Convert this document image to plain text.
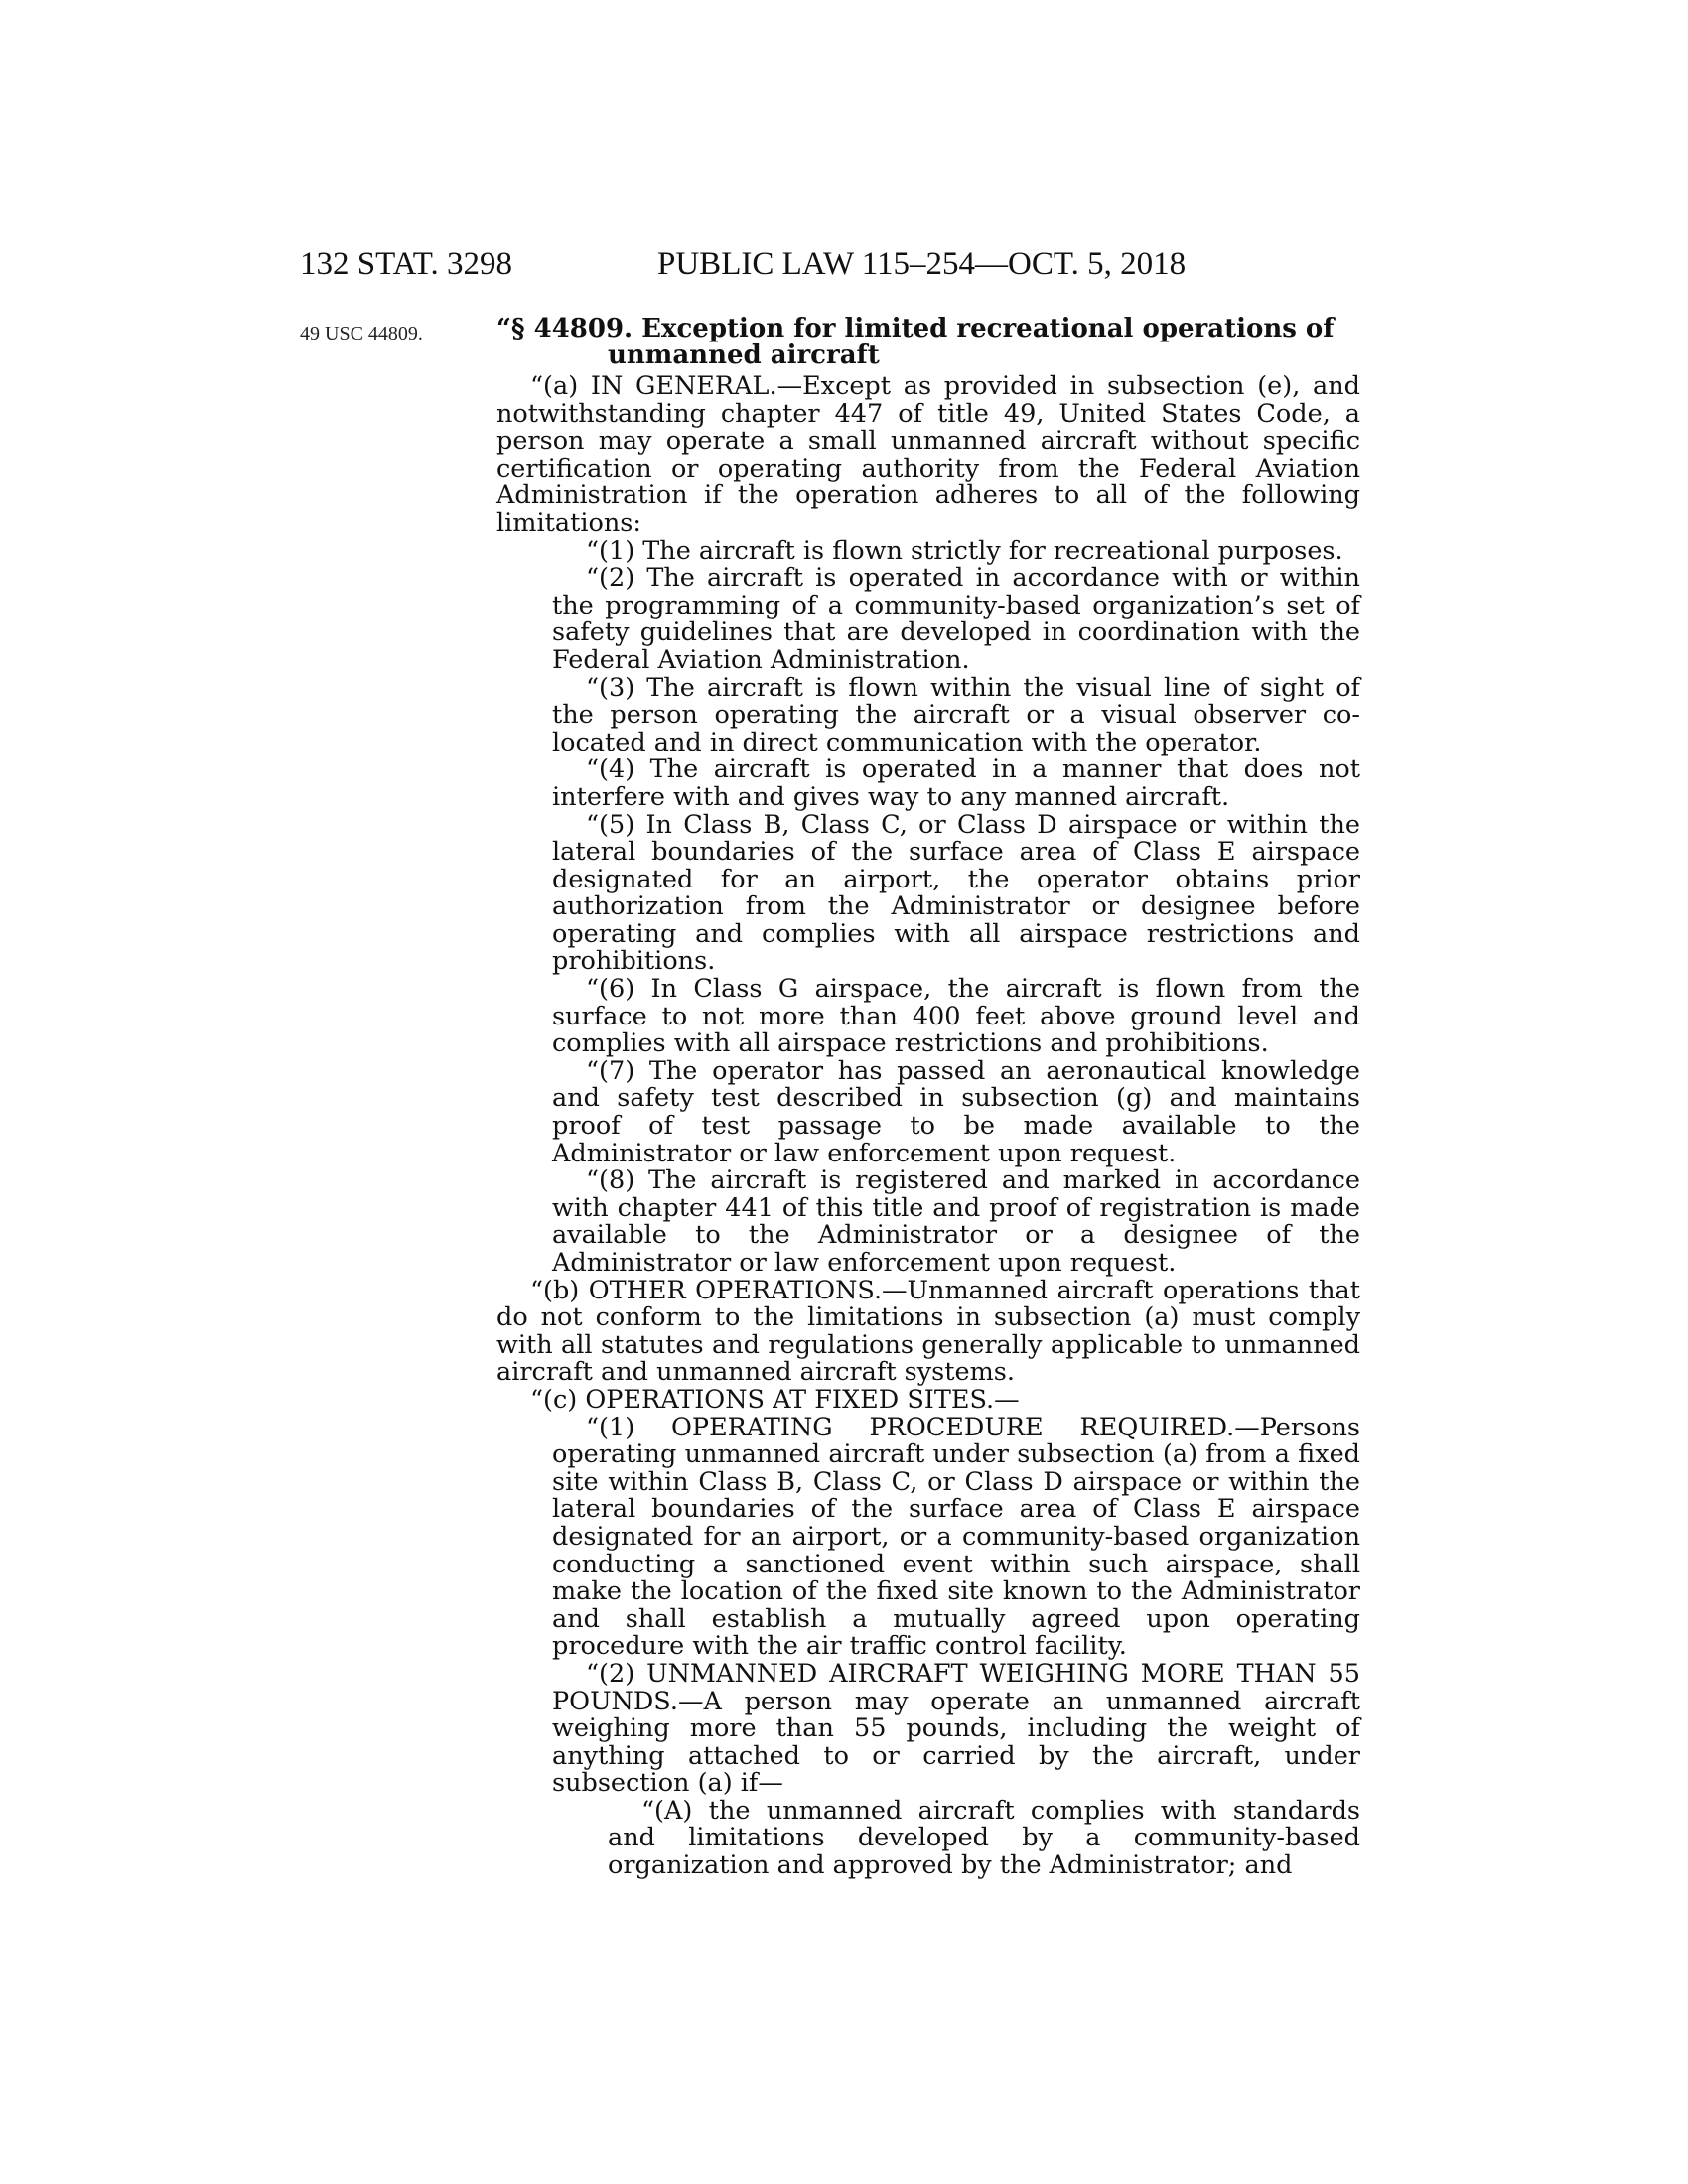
132 STAT. 3298	PUBLIC LAW 115–254—OCT. 5, 2018
49 USC 44809.	“§ 44809. Exception for limited recreational operations of
unmanned aircraft

“(a) IN GENERAL.—Except as provided in subsection (e), and notwithstanding chapter 447 of title 49, United States Code, a person may operate a small unmanned aircraft without specific certification or operating authority from the Federal Aviation Administration if the operation adheres to all of the following limitations:

“(1) The aircraft is flown strictly for recreational purposes.

“(2) The aircraft is operated in accordance with or within the programming of a community-based organization’s set of safety guidelines that are developed in coordination with the Federal Aviation Administration.

“(3) The aircraft is flown within the visual line of sight of the person operating the aircraft or a visual observer co-located and in direct communication with the operator.

“(4) The aircraft is operated in a manner that does not interfere with and gives way to any manned aircraft.

“(5) In Class B, Class C, or Class D airspace or within the lateral boundaries of the surface area of Class E airspace designated for an airport, the operator obtains prior authorization from the Administrator or designee before operating and complies with all airspace restrictions and prohibitions.

“(6) In Class G airspace, the aircraft is flown from the surface to not more than 400 feet above ground level and complies with all airspace restrictions and prohibitions.

“(7) The operator has passed an aeronautical knowledge and safety test described in subsection (g) and maintains proof of test passage to be made available to the Administrator or law enforcement upon request.

“(8) The aircraft is registered and marked in accordance with chapter 441 of this title and proof of registration is made available to the Administrator or a designee of the Administrator or law enforcement upon request.

“(b) OTHER OPERATIONS.—Unmanned aircraft operations that do not conform to the limitations in subsection (a) must comply with all statutes and regulations generally applicable to unmanned aircraft and unmanned aircraft systems.

“(c) OPERATIONS AT FIXED SITES.—

“(1) OPERATING PROCEDURE REQUIRED.—Persons operating unmanned aircraft under subsection (a) from a fixed site within Class B, Class C, or Class D airspace or within the lateral boundaries of the surface area of Class E airspace designated for an airport, or a community-based organization conducting a sanctioned event within such airspace, shall make the location of the fixed site known to the Administrator and shall establish a mutually agreed upon operating procedure with the air traffic control facility.

“(2) UNMANNED AIRCRAFT WEIGHING MORE THAN 55 POUNDS.—A person may operate an unmanned aircraft weighing more than 55 pounds, including the weight of anything attached to or carried by the aircraft, under subsection (a) if—

“(A) the unmanned aircraft complies with standards and limitations developed by a community-based organization and approved by the Administrator; and
